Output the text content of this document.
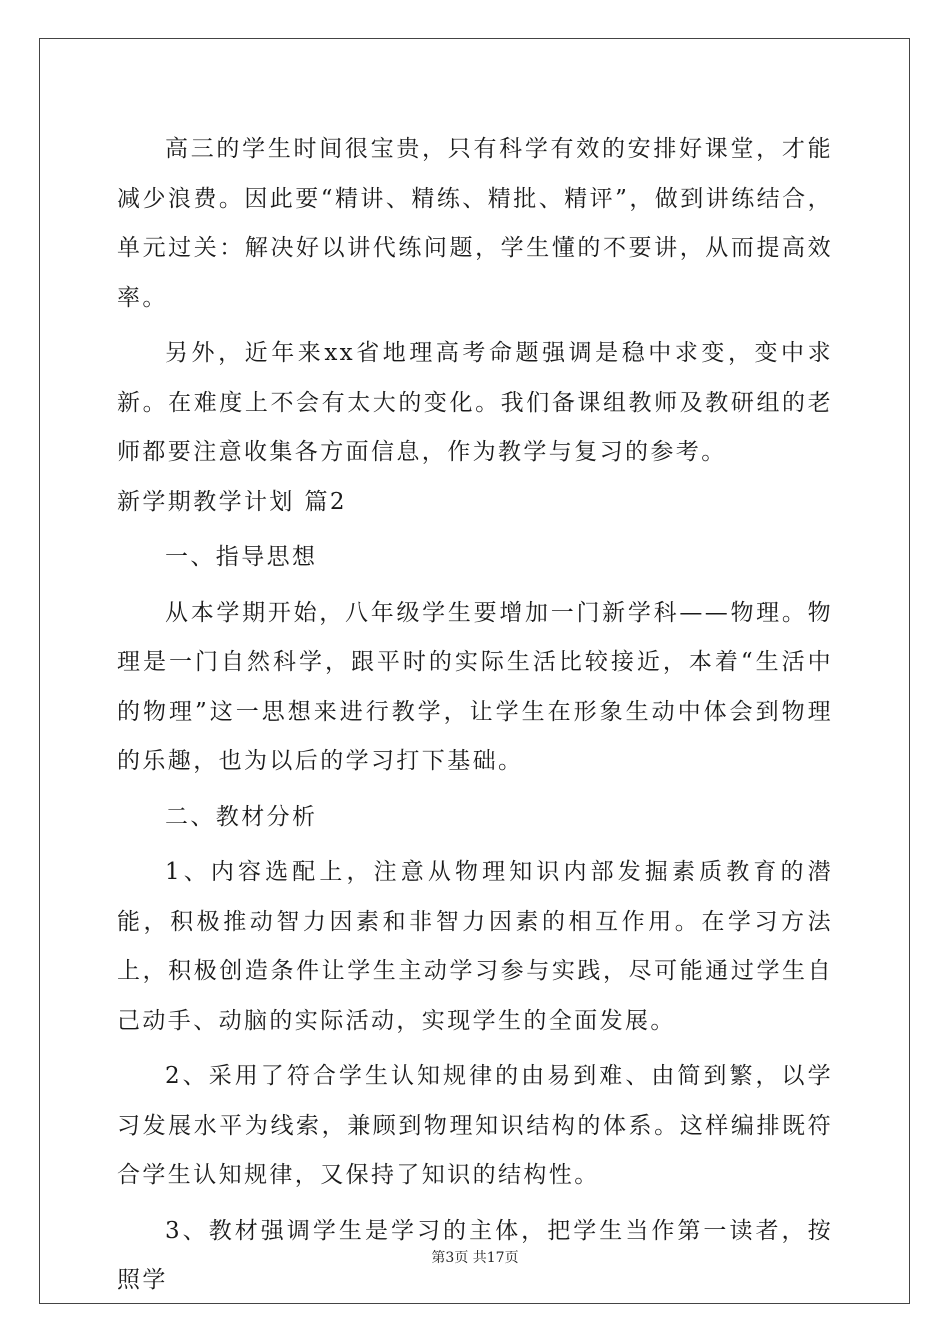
高三的学生时间很宝贵，只有科学有效的安排好课堂，才能减少浪费。因此要“精讲、精练、精批、精评”，做到讲练结合，单元过关：解决好以讲代练问题，学生懂的不要讲，从而提高效率。

另外，近年来xx省地理高考命题强调是稳中求变，变中求新。在难度上不会有太大的变化。我们备课组教师及教研组的老师都要注意收集各方面信息，作为教学与复习的参考。

新学期教学计划 篇2

一、指导思想

从本学期开始，八年级学生要增加一门新学科——物理。物理是一门自然科学，跟平时的实际生活比较接近，本着“生活中的物理”这一思想来进行教学，让学生在形象生动中体会到物理的乐趣，也为以后的学习打下基础。

二、教材分析

1、内容选配上，注意从物理知识内部发掘素质教育的潜能，积极推动智力因素和非智力因素的相互作用。在学习方法上，积极创造条件让学生主动学习参与实践，尽可能通过学生自己动手、动脑的实际活动，实现学生的全面发展。

2、采用了符合学生认知规律的由易到难、由简到繁，以学习发展水平为线索，兼顾到物理知识结构的体系。这样编排既符合学生认知规律，又保持了知识的结构性。

3、教材强调学生是学习的主体，把学生当作第一读者，按照学

第3页 共17页
